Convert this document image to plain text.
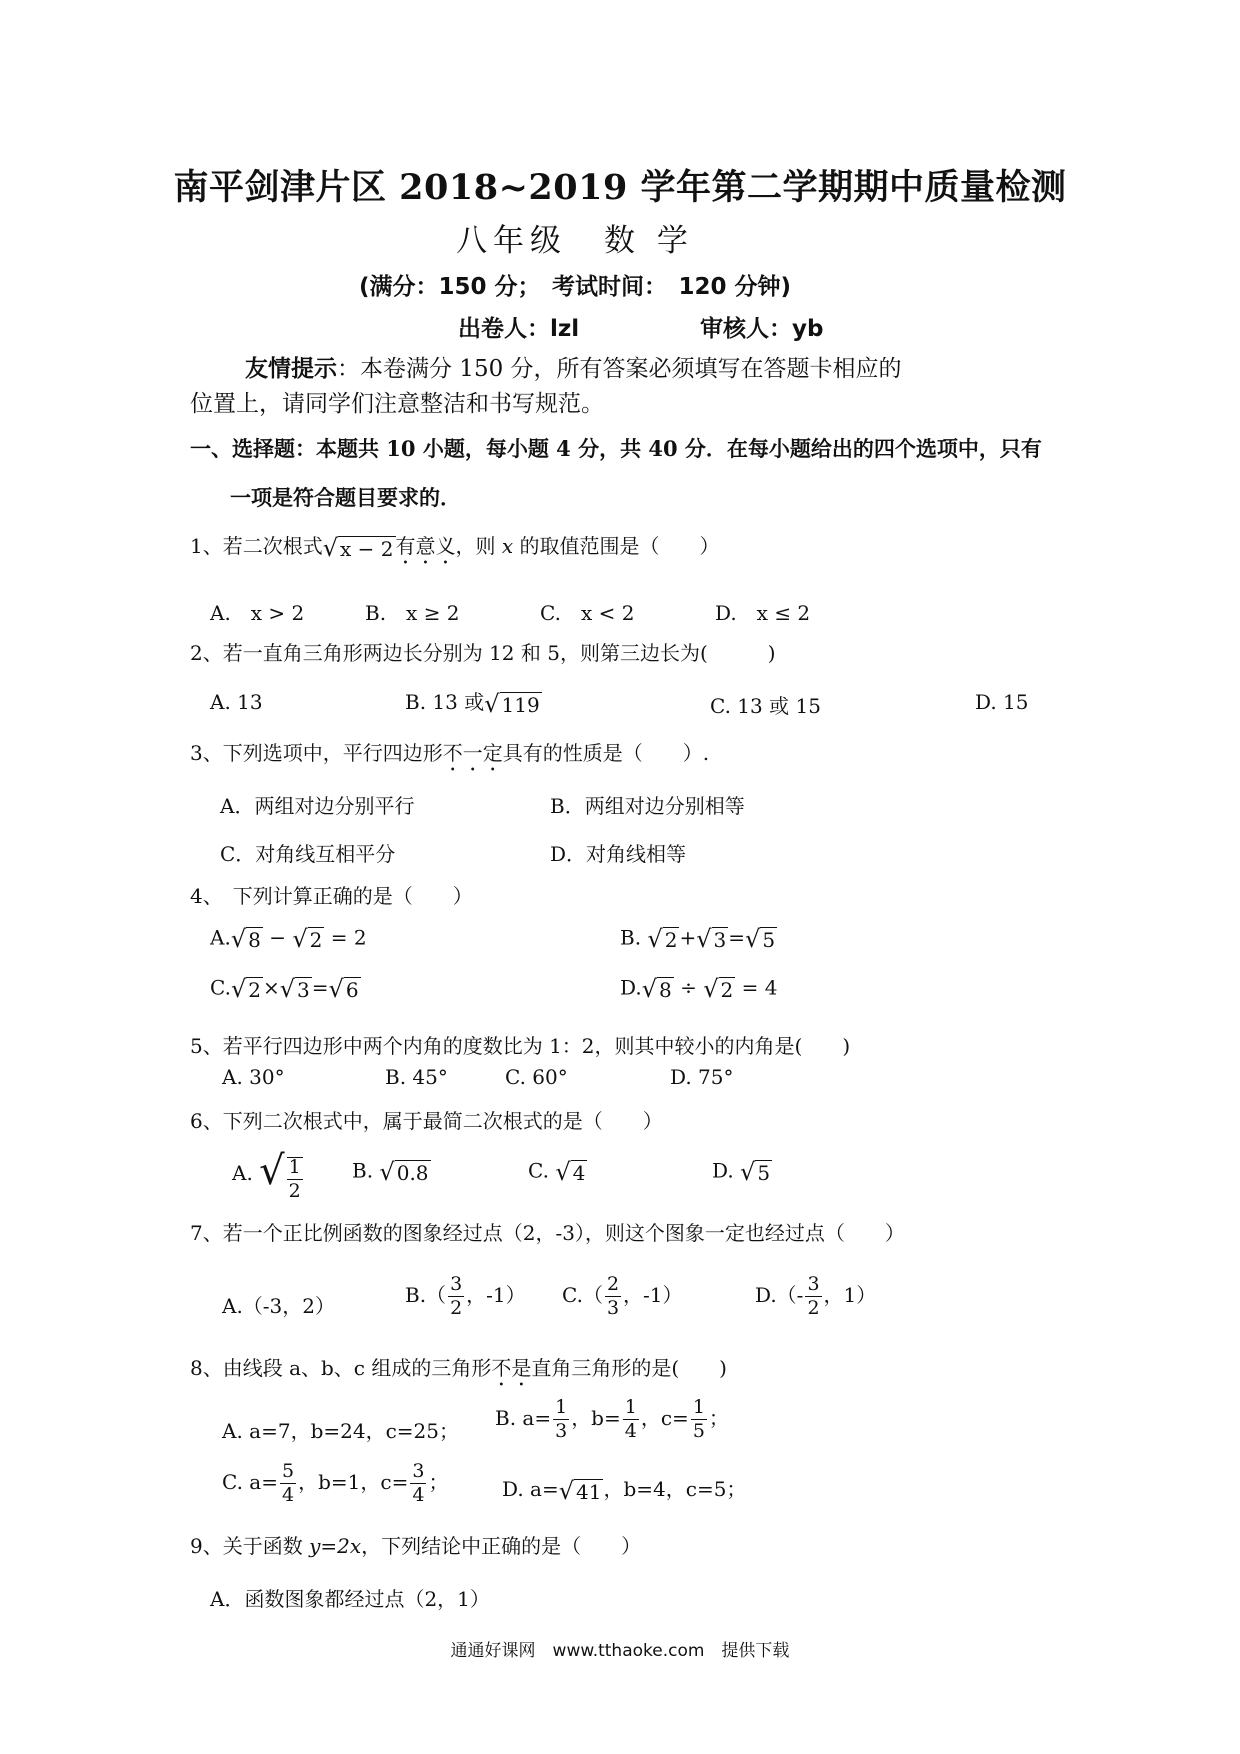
南平剑津片区 2018~2019 学年第二学期期中质量检测
八年级　数 学
(满分：150 分；　考试时间：　120 分钟)
出卷人：lzl	审核人：yb
友情提示：本卷满分 150 分，所有答案必须填写在答题卡相应的
位置上，请同学们注意整洁和书写规范。
一、选择题：本题共 10 小题，每小题 4 分，共 40 分．在每小题给出的四个选项中，只有
一项是符合题目要求的．
1、若二次根式√ x − 2 有意义，则 x 的取值范围是（　　）
A.　x > 2	B.　x ≥ 2	C.　x < 2	D.　x ≤ 2
2、若一直角三角形两边长分别为 12 和 5，则第三边长为(　　　)
A. 13	B. 13 或√ 119	C. 13 或 15	D. 15
3、下列选项中，平行四边形不一定具有的性质是（　　）.
A．两组对边分别平行	B．两组对边分别相等
C．对角线互相平分	D．对角线相等
4、　下列计算正确的是（　　）
A.√ 8 − √ 2 = 2	B. √ 2 +√ 3 =√ 5
C.√ 2 ×√ 3 =√ 6	D.√ 8 ÷ √ 2 = 4
5、若平行四边形中两个内角的度数比为 1：2，则其中较小的内角是(　　)
A. 30°	B. 45°	C. 60°	D. 75°
6、下列二次根式中，属于最简二次根式的是（　　）
A. √ $\frac{1}{2} B$. √ 0.8	C. √ 4	D. √ 5
7、若一个正比例函数的图象经过点（2，-3），则这个图象一定也经过点（　　）
A.（-3，2）	$B.( \frac{3}{2}$ ，-1） $C.( \frac{2}{3}$ ，-1）	$D.(- \frac{3}{2}$ ，1）
8、由线段 a、b、c 组成的三角形不是直角三角形的是(　　)
A. a=7，b=24，c=25；
B. $a= \frac{1}{3}$ ，$b= \frac{1}{4}$ ，$c= \frac{1}{5}$ ；
C. $a= \frac{5}{4}$ ，b=1，$c= \frac{3}{4}$ ；	D. a=√ 41 ，b=4，c=5；
9、关于函数 y=2x，下列结论中正确的是（　　）
A．函数图象都经过点（2，1）
通通好课网　www.tthaoke.com　提供下载
